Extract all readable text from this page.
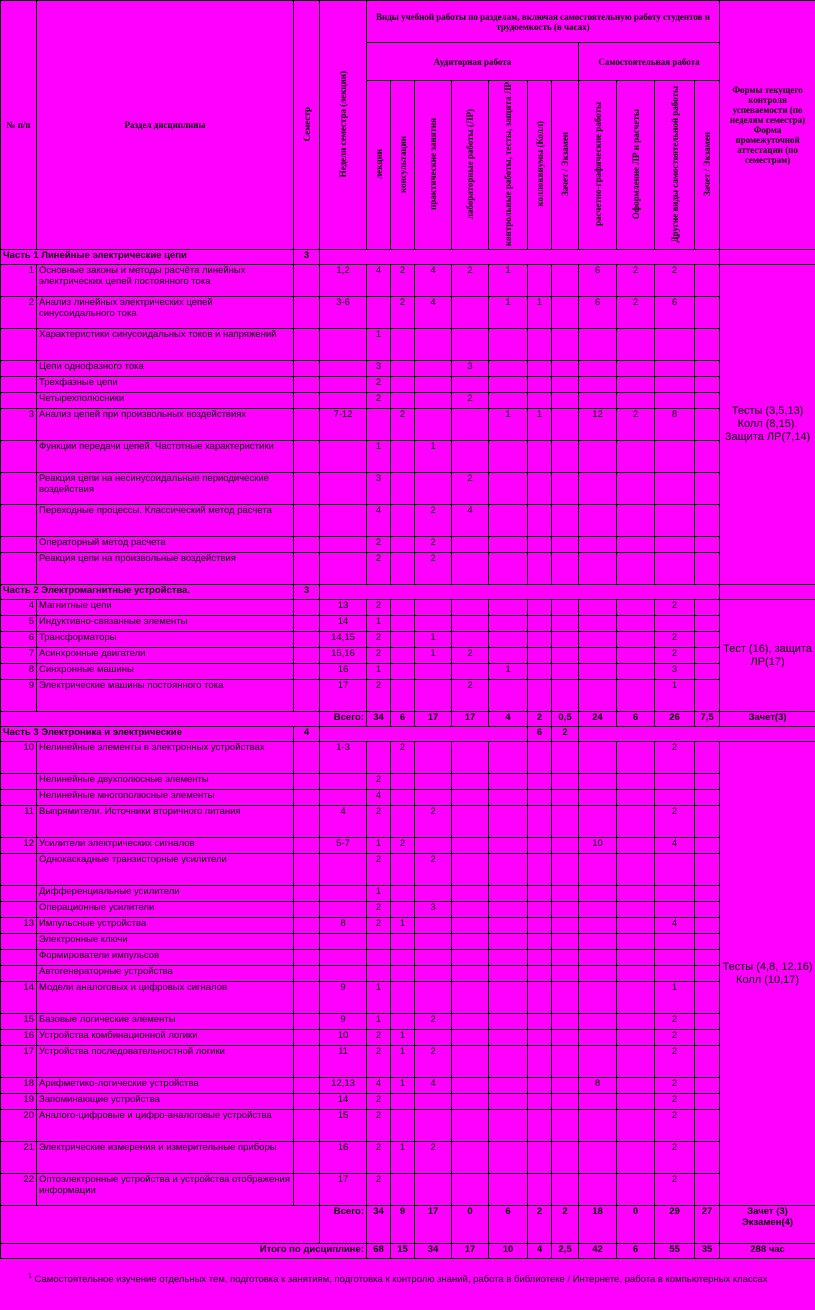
№ п/п	Раздел дисциплины	Семестр	Недели семестра (лекции)	Виды учебной работы по разделам, включая самостоятельную работу студентов и трудоемкость (в часах)											Формы текущего контроля успеваемости (по неделям семестра) Форма промежуточной аттестации (по семестрам)
				Аудиторная работа							Самостоятельная работа				
				лекции	консультации	практические занятия	лабораторные работы (ЛР)	контрольные работы, тесты, защита ЛР	коллоквиумы (Колл)	Зачет / Экзамен	расчетно-графические работы	Оформление ЛР и расчеты	Другие виды самостоятельной работы	Зачет / Экзамен	
Часть 1 Линейные электрические цепи		3													
1	Основные законы и методы расчёта линейных электрических цепей постоянного тока		1,2	4	2	4	2	1			6	2	2		Тесты (3,5,13) Колл (8,15). Защита ЛР(7,14)
2	Анализ линейных электрических цепей синусоидального тока		3-6		2	4		1	1		6	2	6		
	Характеристики синусоидальных токов и напряжений			1											
	Цепи однофазного тока			3			3								
	Трехфазные цепи			2											
	Четырехполюсники			2			2								
3	Анализ цепей при произвольных воздействиях		7-12		2			1	1		12	2	8		
	Функции передачи цепей. Частотные характеристики			1		1									
	Реакция цепи на несинусоидальные периодические воздействия			3			2								
	Переходные процессы. Классический метод расчета			4		2	4								
	Операторный метод расчета			2		2									
	Реакция цепи на произвольные воздействия			2		2									
Часть 2 Электромагнитные устройства.		3													
4	Магнитные цепи		13	2									2		Тест (16), защита ЛР(17)
5	Индуктивно-связанные элементы		14	1											
6	Трансформаторы		14,15	2		1							2		
7	Асинхронные двигатели		15,16	2		1	2						2		
8	Синхронные машины		16	1				1					3		
9	Электрические машины постоянного тока		17	2			2						1		
			Всего:	34	6	17	17	4	2	0,5	24	6	26	7,5	Зачет(3)
Часть 3 Электроника и электрические		4							6	2					
10	Нелинейные элементы в электронных устройствах		1-3		2								2		Тесты (4,8, 12,16) Колл (10,17)
	Нелинейные двухполюсные элементы			2											
	Нелинейные многополюсные элементы			4											
11	Выпрямители. Источники вторичного питания		4	2		2							2		
12	Усилители электрических сигналов		5-7	1	2						10		4		
	Однокаскадные транзисторные усилители			2		2									
	Дифференциальные усилители			1											
	Операционные усилители			2		3									
13	Импульсные устройства		8	2	1								4		
	Электронные ключи														
	Формирователи импульсов														
	Автогенераторные устройства														
14	Модели аналоговых и цифровых сигналов		9	1									1		
15	Базовые логические элементы		9	1		2							2		
16	Устройства комбинационной логики		10	2	1								2		
17	Устройства последовательностной логики		11	2	1	2							2		
18	Арифметико-логические устройства		12,13	4	1	4					8		2		
19	Запоминающие устройства		14	2									2		
20	Аналого-цифровые и цифро-аналоговые устройства		15	2									2		
21	Электрические измерения и измерительные приборы		16	2	1	2							2		
22	Оптоэлектронные устройства и устройства отображения информации		17	2									2		
			Всего:	34	9	17	0	6	2	2	18	0	29	27	Зачет (3) Экзамен(4)
Итого по дисциплине:				68	15	34	17	10	4	2,5	42	6	55	35	288 час
$^1$ Самостоятельное изучение отдельных тем, подготовка к занятиям, подготовка к контролю знаний, работа в библиотеке / Интернете, работа в компьютерных классах
